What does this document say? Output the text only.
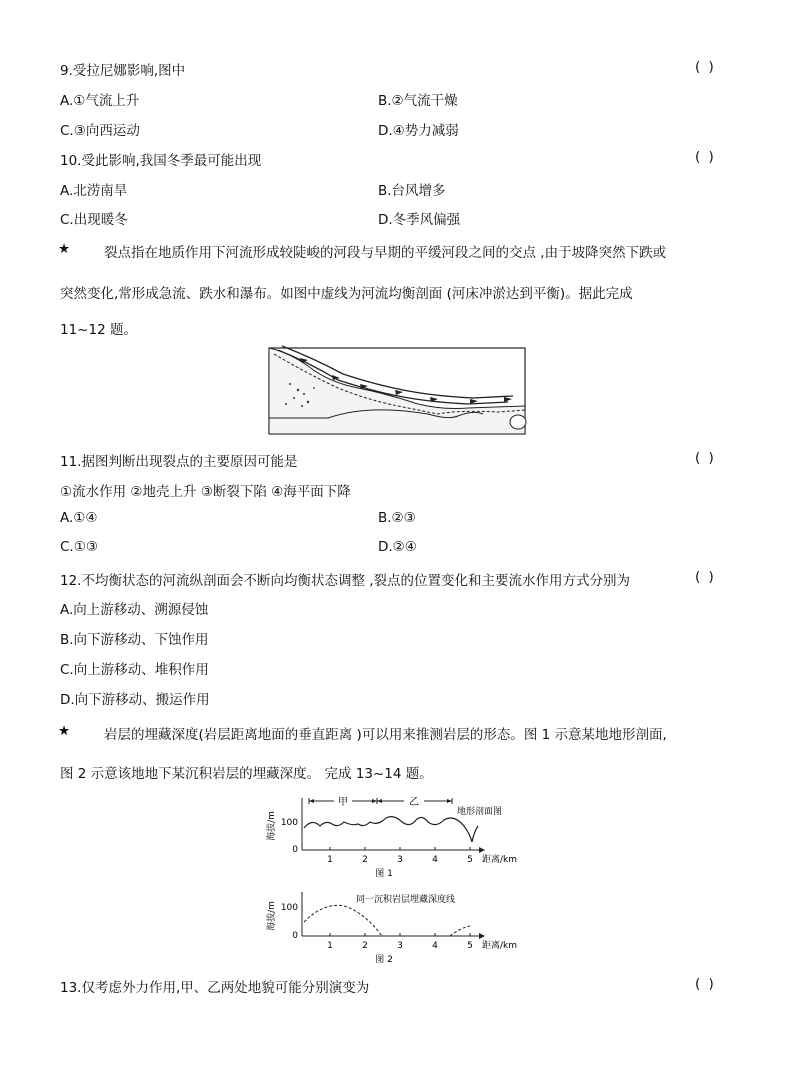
9.受拉尼娜影响,图中	( )
A.①气流上升	B.②气流干燥
C.③向西运动	D.④势力减弱
10.受此影响,我国冬季最可能出现	( )
A.北涝南旱	B.台风增多
C.出现暖冬	D.冬季风偏强
★	裂点指在地质作用下河流形成较陡峻的河段与早期的平缓河段之间的交点 ,由于坡降突然下跌或
突然变化,常形成急流、跌水和瀑布。如图中虚线为河流均衡剖面 (河床冲淤达到平衡)。据此完成
11~12 题。
11.据图判断出现裂点的主要原因可能是	( )
①流水作用 ②地壳上升 ③断裂下陷 ④海平面下降
A.①④	B.②③
C.①③	D.②④
12.不均衡状态的河流纵剖面会不断向均衡状态调整 ,裂点的位置变化和主要流水作用方式分别为	( )
A.向上游移动、溯源侵蚀
B.向下游移动、下蚀作用
C.向上游移动、堆积作用
D.向下游移动、搬运作用
★	岩层的埋藏深度(岩层距离地面的垂直距离 )可以用来推测岩层的形态。图 1 示意某地地形剖面,
图 2 示意该地地下某沉积岩层的埋藏深度。 完成 13~14 题。
海拔/m 100
0
1	2	3	4	5 距离/km
甲	乙
地形剖面图
图 1
海拔/m 100
0
1	2	3	4	5 距离/km
同一沉积岩层埋藏深度线
图 2
13.仅考虑外力作用,甲、乙两处地貌可能分别演变为	( )
